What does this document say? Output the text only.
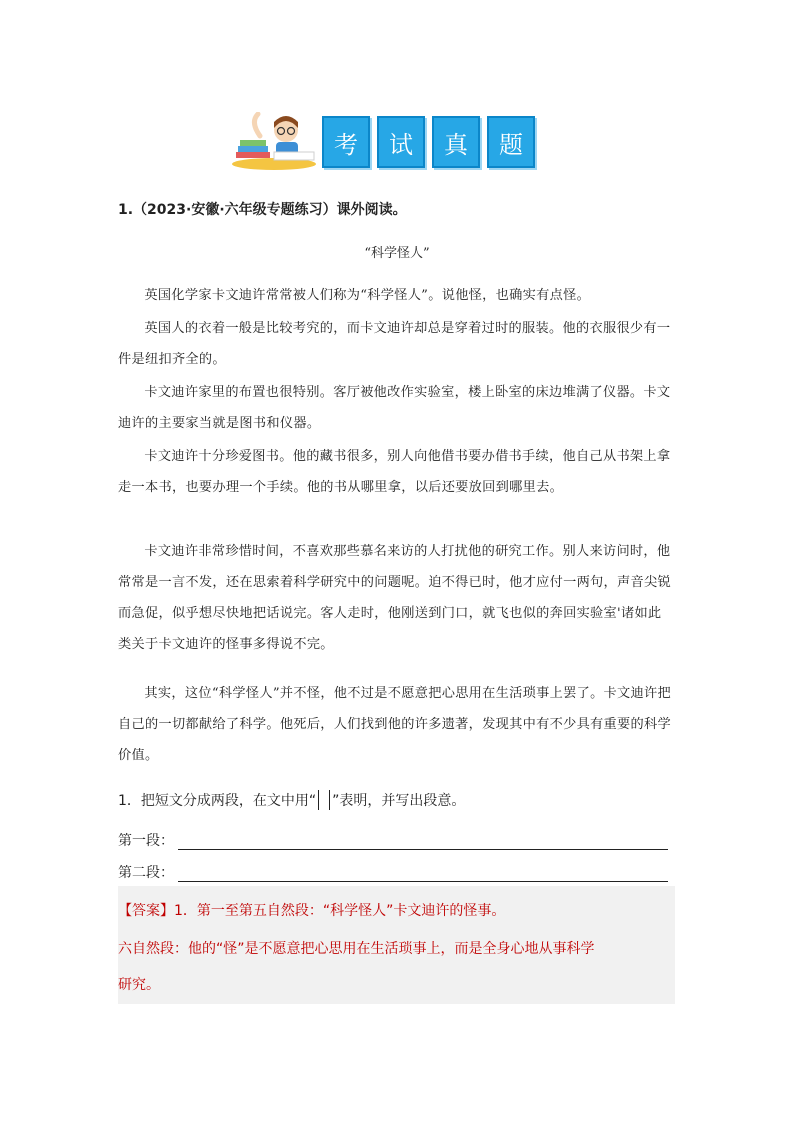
考	试	真	题
1.（2023·安徽·六年级专题练习）课外阅读。
“科学怪人”

英国化学家卡文迪许常常被人们称为“科学怪人”。说他怪，也确实有点怪。

英国人的衣着一般是比较考究的，而卡文迪许却总是穿着过时的服装。他的衣服很少有一件是纽扣齐全的。

卡文迪许家里的布置也很特别。客厅被他改作实验室，楼上卧室的床边堆满了仪器。卡文迪许的主要家当就是图书和仪器。

卡文迪许十分珍爱图书。他的藏书很多，别人向他借书要办借书手续，他自己从书架上拿走一本书，也要办理一个手续。他的书从哪里拿，以后还要放回到哪里去。

卡文迪许非常珍惜时间，不喜欢那些慕名来访的人打扰他的研究工作。别人来访问时，他常常是一言不发，还在思索着科学研究中的问题呢。迫不得已时，他才应付一两句，声音尖锐而急促，似乎想尽快地把话说完。客人走时，他刚送到门口，就飞也似的奔回实验室'诸如此类关于卡文迪许的怪事多得说不完。

其实，这位“科学怪人”并不怪，他不过是不愿意把心思用在生活琐事上罢了。卡文迪许把自己的一切都献给了科学。他死后，人们找到他的许多遗著，发现其中有不少具有重要的科学价值。

1．把短文分成两段，在文中用“ ”表明，并写出段意。
第一段：
第二段：
【答案】1．第一至第五自然段：“科学怪人”卡文迪许的怪事。
六自然段：他的“怪”是不愿意把心思用在生活琐事上，而是全身心地从事科学
研究。
